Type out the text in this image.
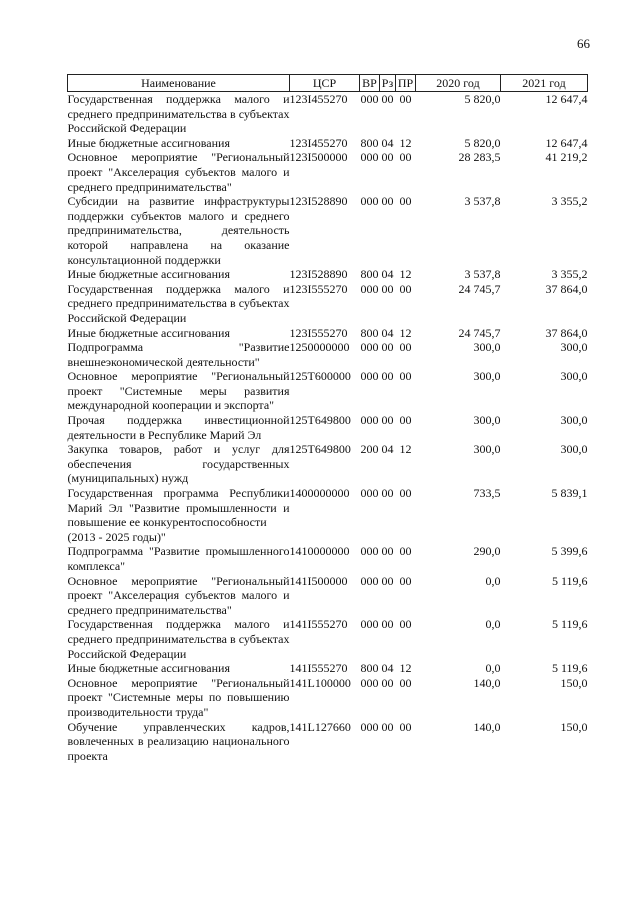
66
Наименование	ЦСР	ВР	Рз	ПР	2020 год	2021 год
Государственная поддержка малого и среднего предпринимательства в субъектах Российской Федерации	123I455270	000	00	00	5 820,0	12 647,4
Иные бюджетные ассигнования	123I455270	800	04	12	5 820,0	12 647,4
Основное мероприятие "Региональный проект "Акселерация субъектов малого и среднего предпринимательства"	123I500000	000	00	00	28 283,5	41 219,2
Субсидии на развитие инфраструктуры поддержки субъектов малого и среднего предпринимательства, деятельность которой направлена на оказание консультационной поддержки	123I528890	000	00	00	3 537,8	3 355,2
Иные бюджетные ассигнования	123I528890	800	04	12	3 537,8	3 355,2
Государственная поддержка малого и среднего предпринимательства в субъектах Российской Федерации	123I555270	000	00	00	24 745,7	37 864,0
Иные бюджетные ассигнования	123I555270	800	04	12	24 745,7	37 864,0
Подпрограмма "Развитие внешнеэкономической деятельности"	1250000000	000	00	00	300,0	300,0
Основное мероприятие "Региональный проект "Системные меры развития международной кооперации и экспорта"	125T600000	000	00	00	300,0	300,0
Прочая поддержка инвестиционной деятельности в Республике Марий Эл	125T649800	000	00	00	300,0	300,0
Закупка товаров, работ и услуг для обеспечения государственных (муниципальных) нужд	125T649800	200	04	12	300,0	300,0
Государственная программа Республики Марий Эл "Развитие промышленности и повышение ее конкурентоспособности
(2013 - 2025 годы)"	1400000000	000	00	00	733,5	5 839,1
Подпрограмма "Развитие промышленного комплекса"	1410000000	000	00	00	290,0	5 399,6
Основное мероприятие "Региональный проект "Акселерация субъектов малого и среднего предпринимательства"	141I500000	000	00	00	0,0	5 119,6
Государственная поддержка малого и среднего предпринимательства в субъектах Российской Федерации	141I555270	000	00	00	0,0	5 119,6
Иные бюджетные ассигнования	141I555270	800	04	12	0,0	5 119,6
Основное мероприятие "Региональный проект "Системные меры по повышению производительности труда"	141L100000	000	00	00	140,0	150,0
Обучение управленческих кадров, вовлеченных в реализацию национального проекта	141L127660	000	00	00	140,0	150,0
